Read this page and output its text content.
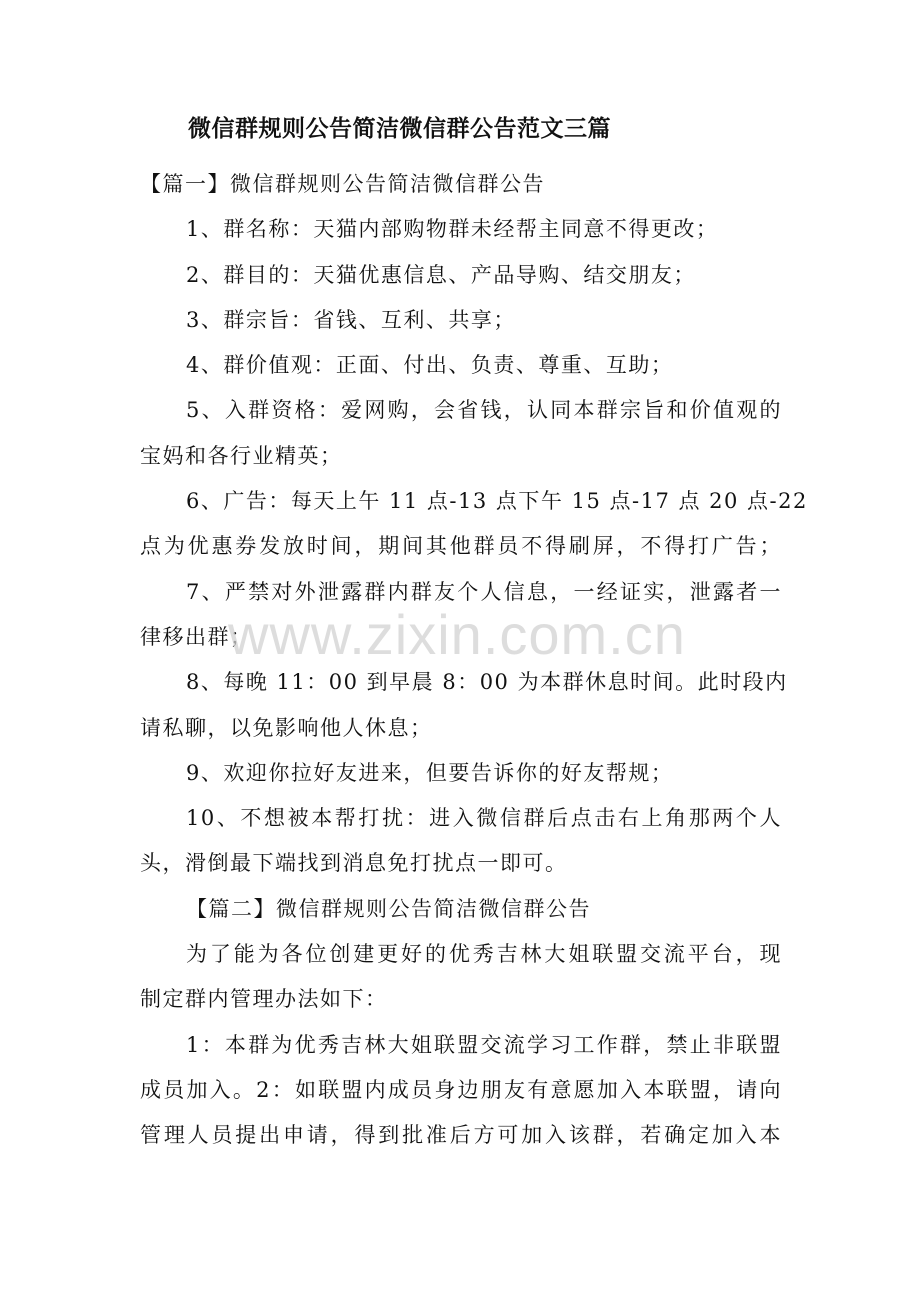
微信群规则公告简洁微信群公告范文三篇
【篇一】微信群规则公告简洁微信群公告
1、群名称：天猫内部购物群未经帮主同意不得更改；
2、群目的：天猫优惠信息、产品导购、结交朋友；
3、群宗旨：省钱、互利、共享；
4、群价值观：正面、付出、负责、尊重、互助；
5、入群资格：爱网购，会省钱，认同本群宗旨和价值观的
宝妈和各行业精英；
6、广告：每天上午 11 点-13 点下午 15 点-17 点 20 点-22
点为优惠券发放时间，期间其他群员不得刷屏，不得打广告；
7、严禁对外泄露群内群友个人信息，一经证实，泄露者一
律移出群；
8、每晚 11：00 到早晨 8：00 为本群休息时间。此时段内
请私聊，以免影响他人休息；
9、欢迎你拉好友进来，但要告诉你的好友帮规；
10、不想被本帮打扰：进入微信群后点击右上角那两个人
头，滑倒最下端找到消息免打扰点一即可。
【篇二】微信群规则公告简洁微信群公告
为了能为各位创建更好的优秀吉林大姐联盟交流平台，现
制定群内管理办法如下：
1：本群为优秀吉林大姐联盟交流学习工作群，禁止非联盟
成员加入。2：如联盟内成员身边朋友有意愿加入本联盟，请向
管理人员提出申请，得到批准后方可加入该群，若确定加入本
www.zixin.com.cn
